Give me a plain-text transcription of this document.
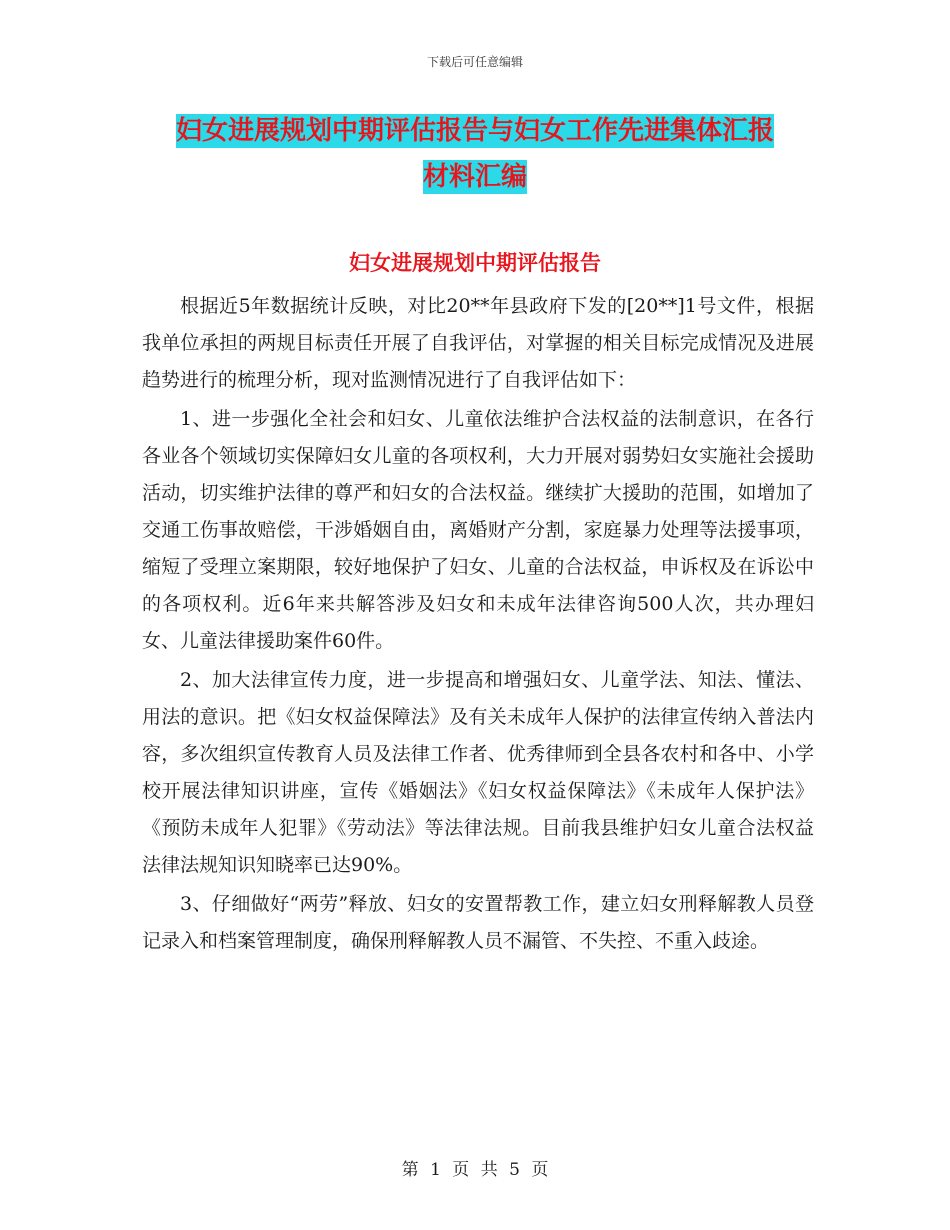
下载后可任意编辑
妇女进展规划中期评估报告与妇女工作先进集体汇报
材料汇编
妇女进展规划中期评估报告

根据近5年数据统计反映，对比20**年县政府下发的[20**]1号文件，根据我单位承担的两规目标责任开展了自我评估，对掌握的相关目标完成情况及进展趋势进行的梳理分析，现对监测情况进行了自我评估如下：

1、进一步强化全社会和妇女、儿童依法维护合法权益的法制意识，在各行各业各个领域切实保障妇女儿童的各项权利，大力开展对弱势妇女实施社会援助活动，切实维护法律的尊严和妇女的合法权益。继续扩大援助的范围，如增加了交通工伤事故赔偿，干涉婚姻自由，离婚财产分割，家庭暴力处理等法援事项，缩短了受理立案期限，较好地保护了妇女、儿童的合法权益，申诉权及在诉讼中的各项权利。近6年来共解答涉及妇女和未成年法律咨询500人次，共办理妇女、儿童法律援助案件60件。

2、加大法律宣传力度，进一步提高和增强妇女、儿童学法、知法、懂法、用法的意识。把《妇女权益保障法》及有关未成年人保护的法律宣传纳入普法内容，多次组织宣传教育人员及法律工作者、优秀律师到全县各农村和各中、小学校开展法律知识讲座，宣传《婚姻法》《妇女权益保障法》《未成年人保护法》《预防未成年人犯罪》《劳动法》等法律法规。目前我县维护妇女儿童合法权益法律法规知识知晓率已达90%。

3、仔细做好“两劳”释放、妇女的安置帮教工作，建立妇女刑释解教人员登记录入和档案管理制度，确保刑释解教人员不漏管、不失控、不重入歧途。

第 1 页 共 5 页
